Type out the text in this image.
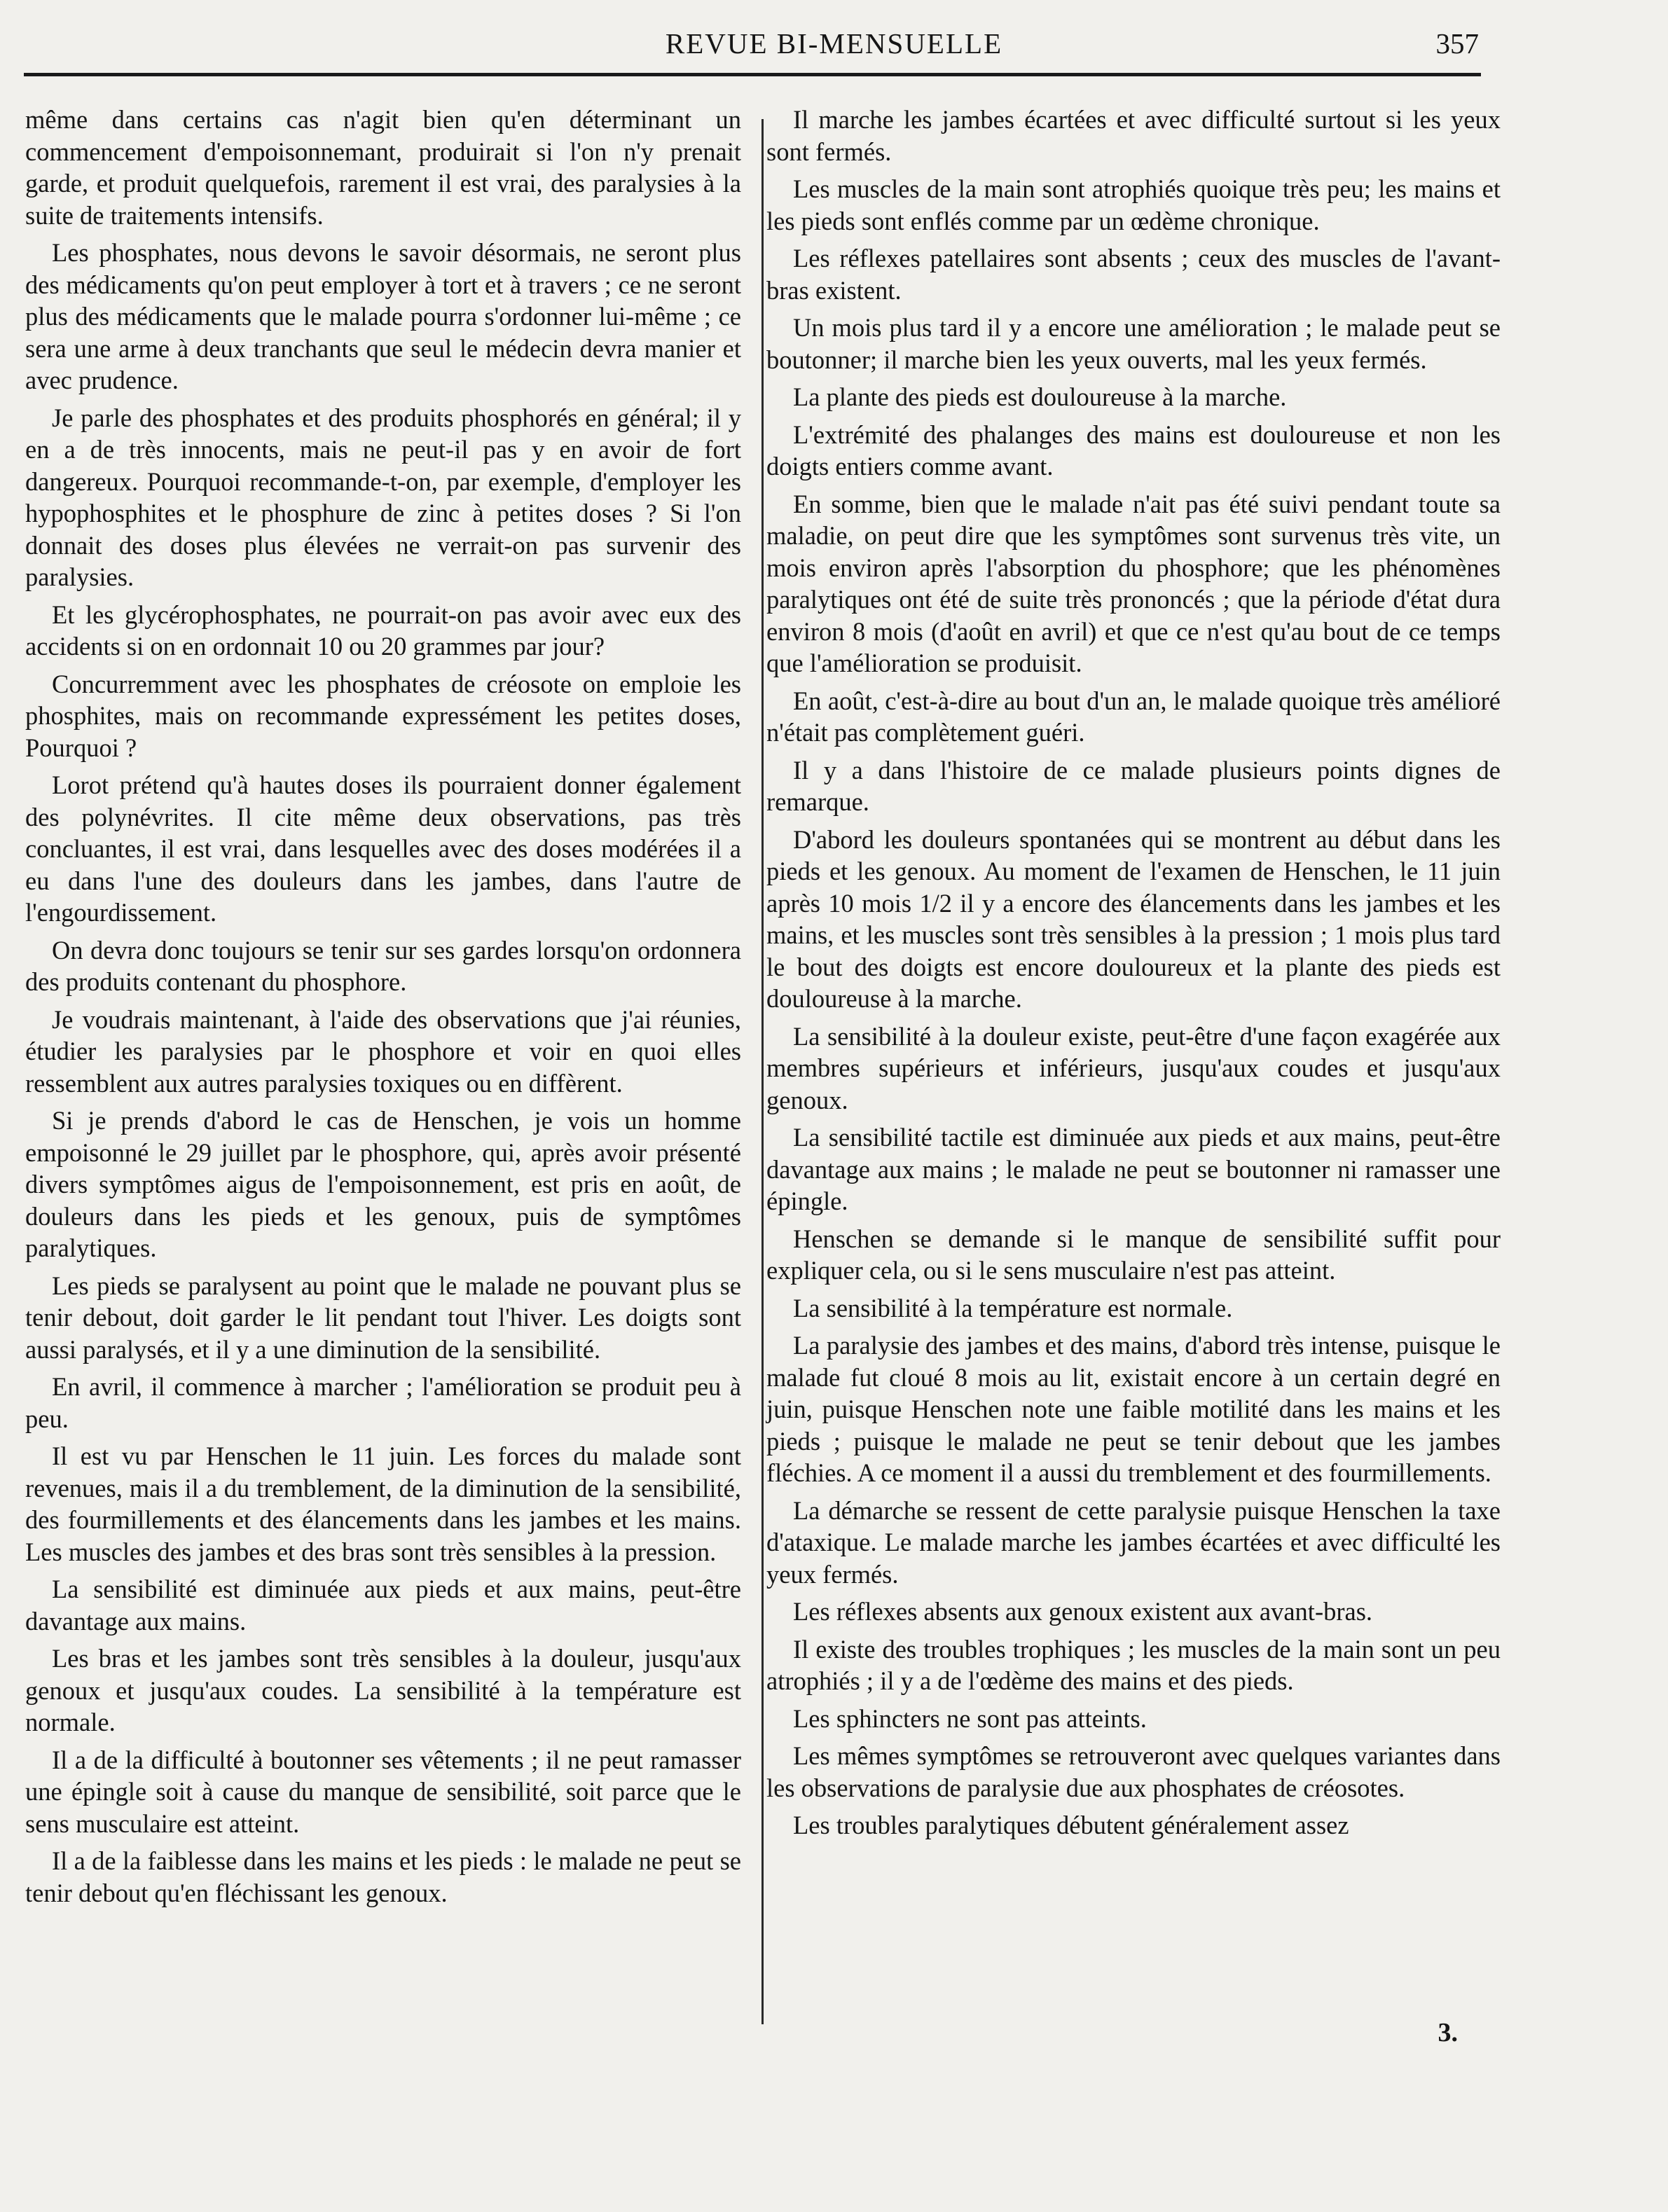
REVUE BI-MENSUELLE	357

même dans certains cas n'agit bien qu'en déterminant un commencement d'empoisonnemant, produirait si l'on n'y prenait garde, et produit quelquefois, rarement il est vrai, des paralysies à la suite de traitements intensifs.

Les phosphates, nous devons le savoir désormais, ne seront plus des médicaments qu'on peut employer à tort et à travers ; ce ne seront plus des médicaments que le malade pourra s'ordonner lui-même ; ce sera une arme à deux tranchants que seul le médecin devra manier et avec prudence.

Je parle des phosphates et des produits phosphorés en général; il y en a de très innocents, mais ne peut-il pas y en avoir de fort dangereux. Pourquoi recommande-t-on, par exemple, d'employer les hypophosphites et le phosphure de zinc à petites doses ? Si l'on donnait des doses plus élevées ne verrait-on pas survenir des paralysies.

Et les glycérophosphates, ne pourrait-on pas avoir avec eux des accidents si on en ordonnait 10 ou 20 grammes par jour?

Concurremment avec les phosphates de créosote on emploie les phosphites, mais on recommande expressément les petites doses, Pourquoi ?

Lorot prétend qu'à hautes doses ils pourraient donner également des polynévrites. Il cite même deux observations, pas très concluantes, il est vrai, dans lesquelles avec des doses modérées il a eu dans l'une des douleurs dans les jambes, dans l'autre de l'engourdissement.

On devra donc toujours se tenir sur ses gardes lorsqu'on ordonnera des produits contenant du phosphore.

Je voudrais maintenant, à l'aide des observations que j'ai réunies, étudier les paralysies par le phosphore et voir en quoi elles ressemblent aux autres paralysies toxiques ou en diffèrent.

Si je prends d'abord le cas de Henschen, je vois un homme empoisonné le 29 juillet par le phosphore, qui, après avoir présenté divers symptômes aigus de l'empoisonnement, est pris en août, de douleurs dans les pieds et les genoux, puis de symptômes paralytiques.

Les pieds se paralysent au point que le malade ne pouvant plus se tenir debout, doit garder le lit pendant tout l'hiver. Les doigts sont aussi paralysés, et il y a une diminution de la sensibilité.

En avril, il commence à marcher ; l'amélioration se produit peu à peu.

Il est vu par Henschen le 11 juin. Les forces du malade sont revenues, mais il a du tremblement, de la diminution de la sensibilité, des fourmillements et des élancements dans les jambes et les mains. Les muscles des jambes et des bras sont très sensibles à la pression.

La sensibilité est diminuée aux pieds et aux mains, peut-être davantage aux mains.

Les bras et les jambes sont très sensibles à la douleur, jusqu'aux genoux et jusqu'aux coudes. La sensibilité à la température est normale.

Il a de la difficulté à boutonner ses vêtements ; il ne peut ramasser une épingle soit à cause du manque de sensibilité, soit parce que le sens musculaire est atteint.

Il a de la faiblesse dans les mains et les pieds : le malade ne peut se tenir debout qu'en fléchissant les genoux.

Il marche les jambes écartées et avec difficulté surtout si les yeux sont fermés.

Les muscles de la main sont atrophiés quoique très peu; les mains et les pieds sont enflés comme par un œdème chronique.

Les réflexes patellaires sont absents ; ceux des muscles de l'avant-bras existent.

Un mois plus tard il y a encore une amélioration ; le malade peut se boutonner; il marche bien les yeux ouverts, mal les yeux fermés.

La plante des pieds est douloureuse à la marche.

L'extrémité des phalanges des mains est douloureuse et non les doigts entiers comme avant.

En somme, bien que le malade n'ait pas été suivi pendant toute sa maladie, on peut dire que les symptômes sont survenus très vite, un mois environ après l'absorption du phosphore; que les phénomènes paralytiques ont été de suite très prononcés ; que la période d'état dura environ 8 mois (d'août en avril) et que ce n'est qu'au bout de ce temps que l'amélioration se produisit.

En août, c'est-à-dire au bout d'un an, le malade quoique très amélioré n'était pas complètement guéri.

Il y a dans l'histoire de ce malade plusieurs points dignes de remarque.

D'abord les douleurs spontanées qui se montrent au début dans les pieds et les genoux. Au moment de l'examen de Henschen, le 11 juin après 10 mois 1/2 il y a encore des élancements dans les jambes et les mains, et les muscles sont très sensibles à la pression ; 1 mois plus tard le bout des doigts est encore douloureux et la plante des pieds est douloureuse à la marche.

La sensibilité à la douleur existe, peut-être d'une façon exagérée aux membres supérieurs et inférieurs, jusqu'aux coudes et jusqu'aux genoux.

La sensibilité tactile est diminuée aux pieds et aux mains, peut-être davantage aux mains ; le malade ne peut se boutonner ni ramasser une épingle.

Henschen se demande si le manque de sensibilité suffit pour expliquer cela, ou si le sens musculaire n'est pas atteint.

La sensibilité à la température est normale.

La paralysie des jambes et des mains, d'abord très intense, puisque le malade fut cloué 8 mois au lit, existait encore à un certain degré en juin, puisque Henschen note une faible motilité dans les mains et les pieds ; puisque le malade ne peut se tenir debout que les jambes fléchies. A ce moment il a aussi du tremblement et des fourmillements.

La démarche se ressent de cette paralysie puisque Henschen la taxe d'ataxique. Le malade marche les jambes écartées et avec difficulté les yeux fermés.

Les réflexes absents aux genoux existent aux avant-bras.

Il existe des troubles trophiques ; les muscles de la main sont un peu atrophiés ; il y a de l'œdème des mains et des pieds.

Les sphincters ne sont pas atteints.

Les mêmes symptômes se retrouveront avec quelques variantes dans les observations de paralysie due aux phosphates de créosotes.

Les troubles paralytiques débutent généralement assez

3.
